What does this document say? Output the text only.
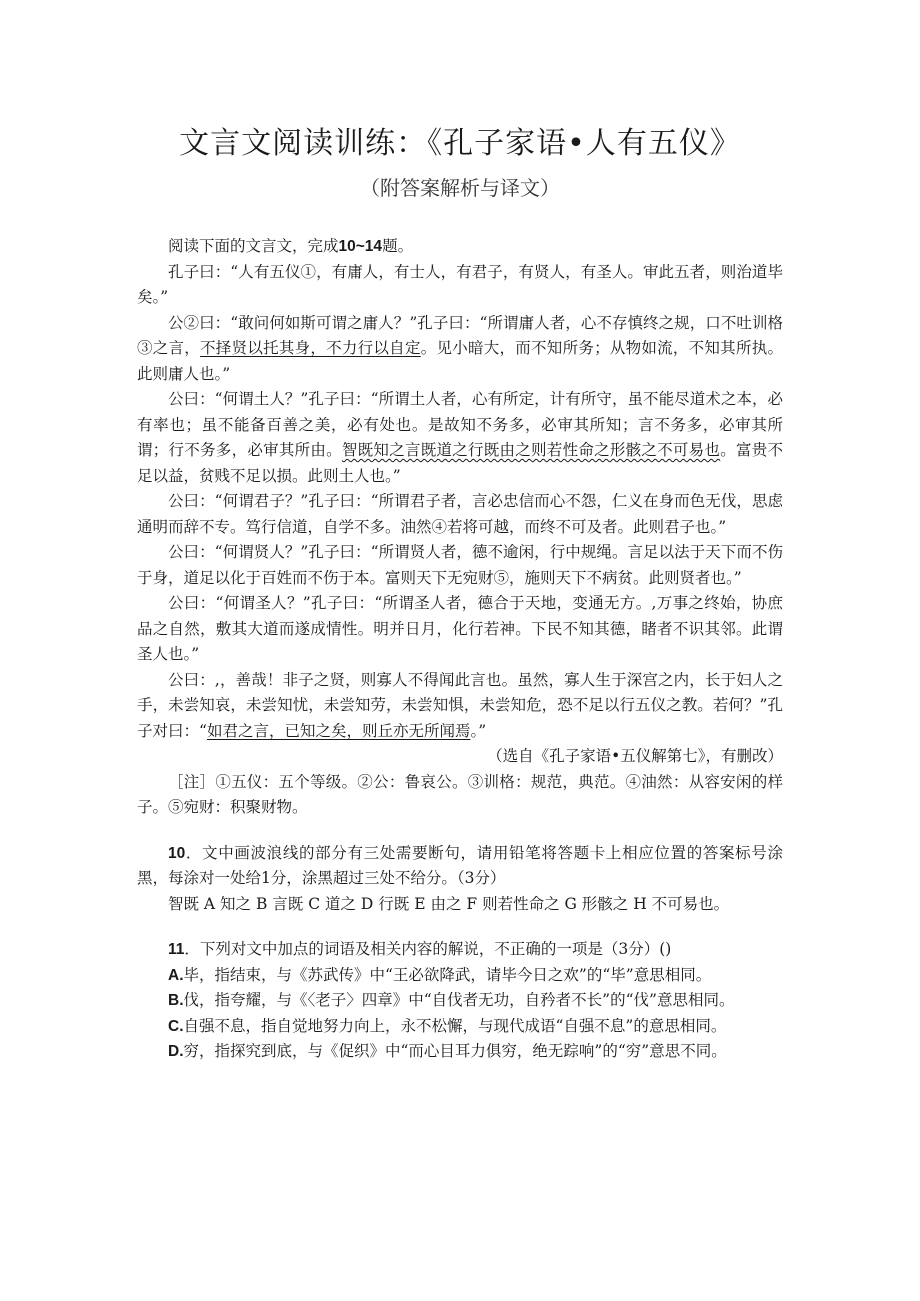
文言文阅读训练：《孔子家语•人有五仪》
（附答案解析与译文）

阅读下面的文言文，完成10~14题。

孔子曰：“人有五仪①，有庸人，有士人，有君子，有贤人，有圣人。审此五者，则治道毕矣。”

公②曰：“敢问何如斯可谓之庸人？”孔子曰：“所谓庸人者，心不存慎终之规，口不吐训格③之言，不择贤以托其身，不力行以自定。见小暗大，而不知所务；从物如流，不知其所执。此则庸人也。”

公曰：“何谓土人？”孔子曰：“所谓土人者，心有所定，计有所守，虽不能尽道术之本，必有率也；虽不能备百善之美，必有处也。是故知不务多，必审其所知；言不务多，必审其所谓；行不务多，必审其所由。智既知之言既道之行既由之则若性命之形骸之不可易也。富贵不足以益，贫贱不足以损。此则土人也。”

公曰：“何谓君子？”孔子曰：“所谓君子者，言必忠信而心不怨，仁义在身而色无伐，思虑通明而辞不专。笃行信道，自学不多。油然④若将可越，而终不可及者。此则君子也。”

公曰：“何谓贤人？”孔子曰：“所谓贤人者，德不逾闲，行中规绳。言足以法于天下而不伤于身，道足以化于百姓而不伤于本。富则天下无宛财⑤，施则天下不病贫。此则贤者也。”

公曰：“何谓圣人？”孔子曰：“所谓圣人者，德合于天地，变通无方。,万事之终始，协庶品之自然，敷其大道而遂成情性。明并日月，化行若神。下民不知其德，睹者不识其邻。此谓圣人也。”

公曰：,，善哉！非子之贤，则寡人不得闻此言也。虽然，寡人生于深宫之内，长于妇人之手，未尝知哀，未尝知忧，未尝知劳，未尝知惧，未尝知危，恐不足以行五仪之教。若何？”孔子对曰：“如君之言，已知之矣，则丘亦无所闻焉。”

（选自《孔子家语•五仪解第七》，有删改）

［注］①五仪：五个等级。②公：鲁哀公。③训格：规范，典范。④油然：从容安闲的样子。⑤宛财：积聚财物。

10．文中画波浪线的部分有三处需要断句，请用铅笔将答题卡上相应位置的答案标号涂黑，每涂对一处给1分，涂黑超过三处不给分。（3分）

智既 A 知之 B 言既 C 道之 D 行既 E 由之 F 则若性命之 G 形骸之 H 不可易也。

11．下列对文中加点的词语及相关内容的解说，不正确的一项是（3分）()

A.毕，指结束，与《苏武传》中“王必欲降武，请毕今日之欢”的“毕”意思相同。

B.伐，指夸耀，与《〈老子〉四章》中“自伐者无功，自矜者不长”的“伐”意思相同。

C.自强不息，指自觉地努力向上，永不松懈，与现代成语“自强不息”的意思相同。

D.穷，指探究到底，与《促织》中“而心目耳力俱穷，绝无踪响”的“穷”意思不同。
